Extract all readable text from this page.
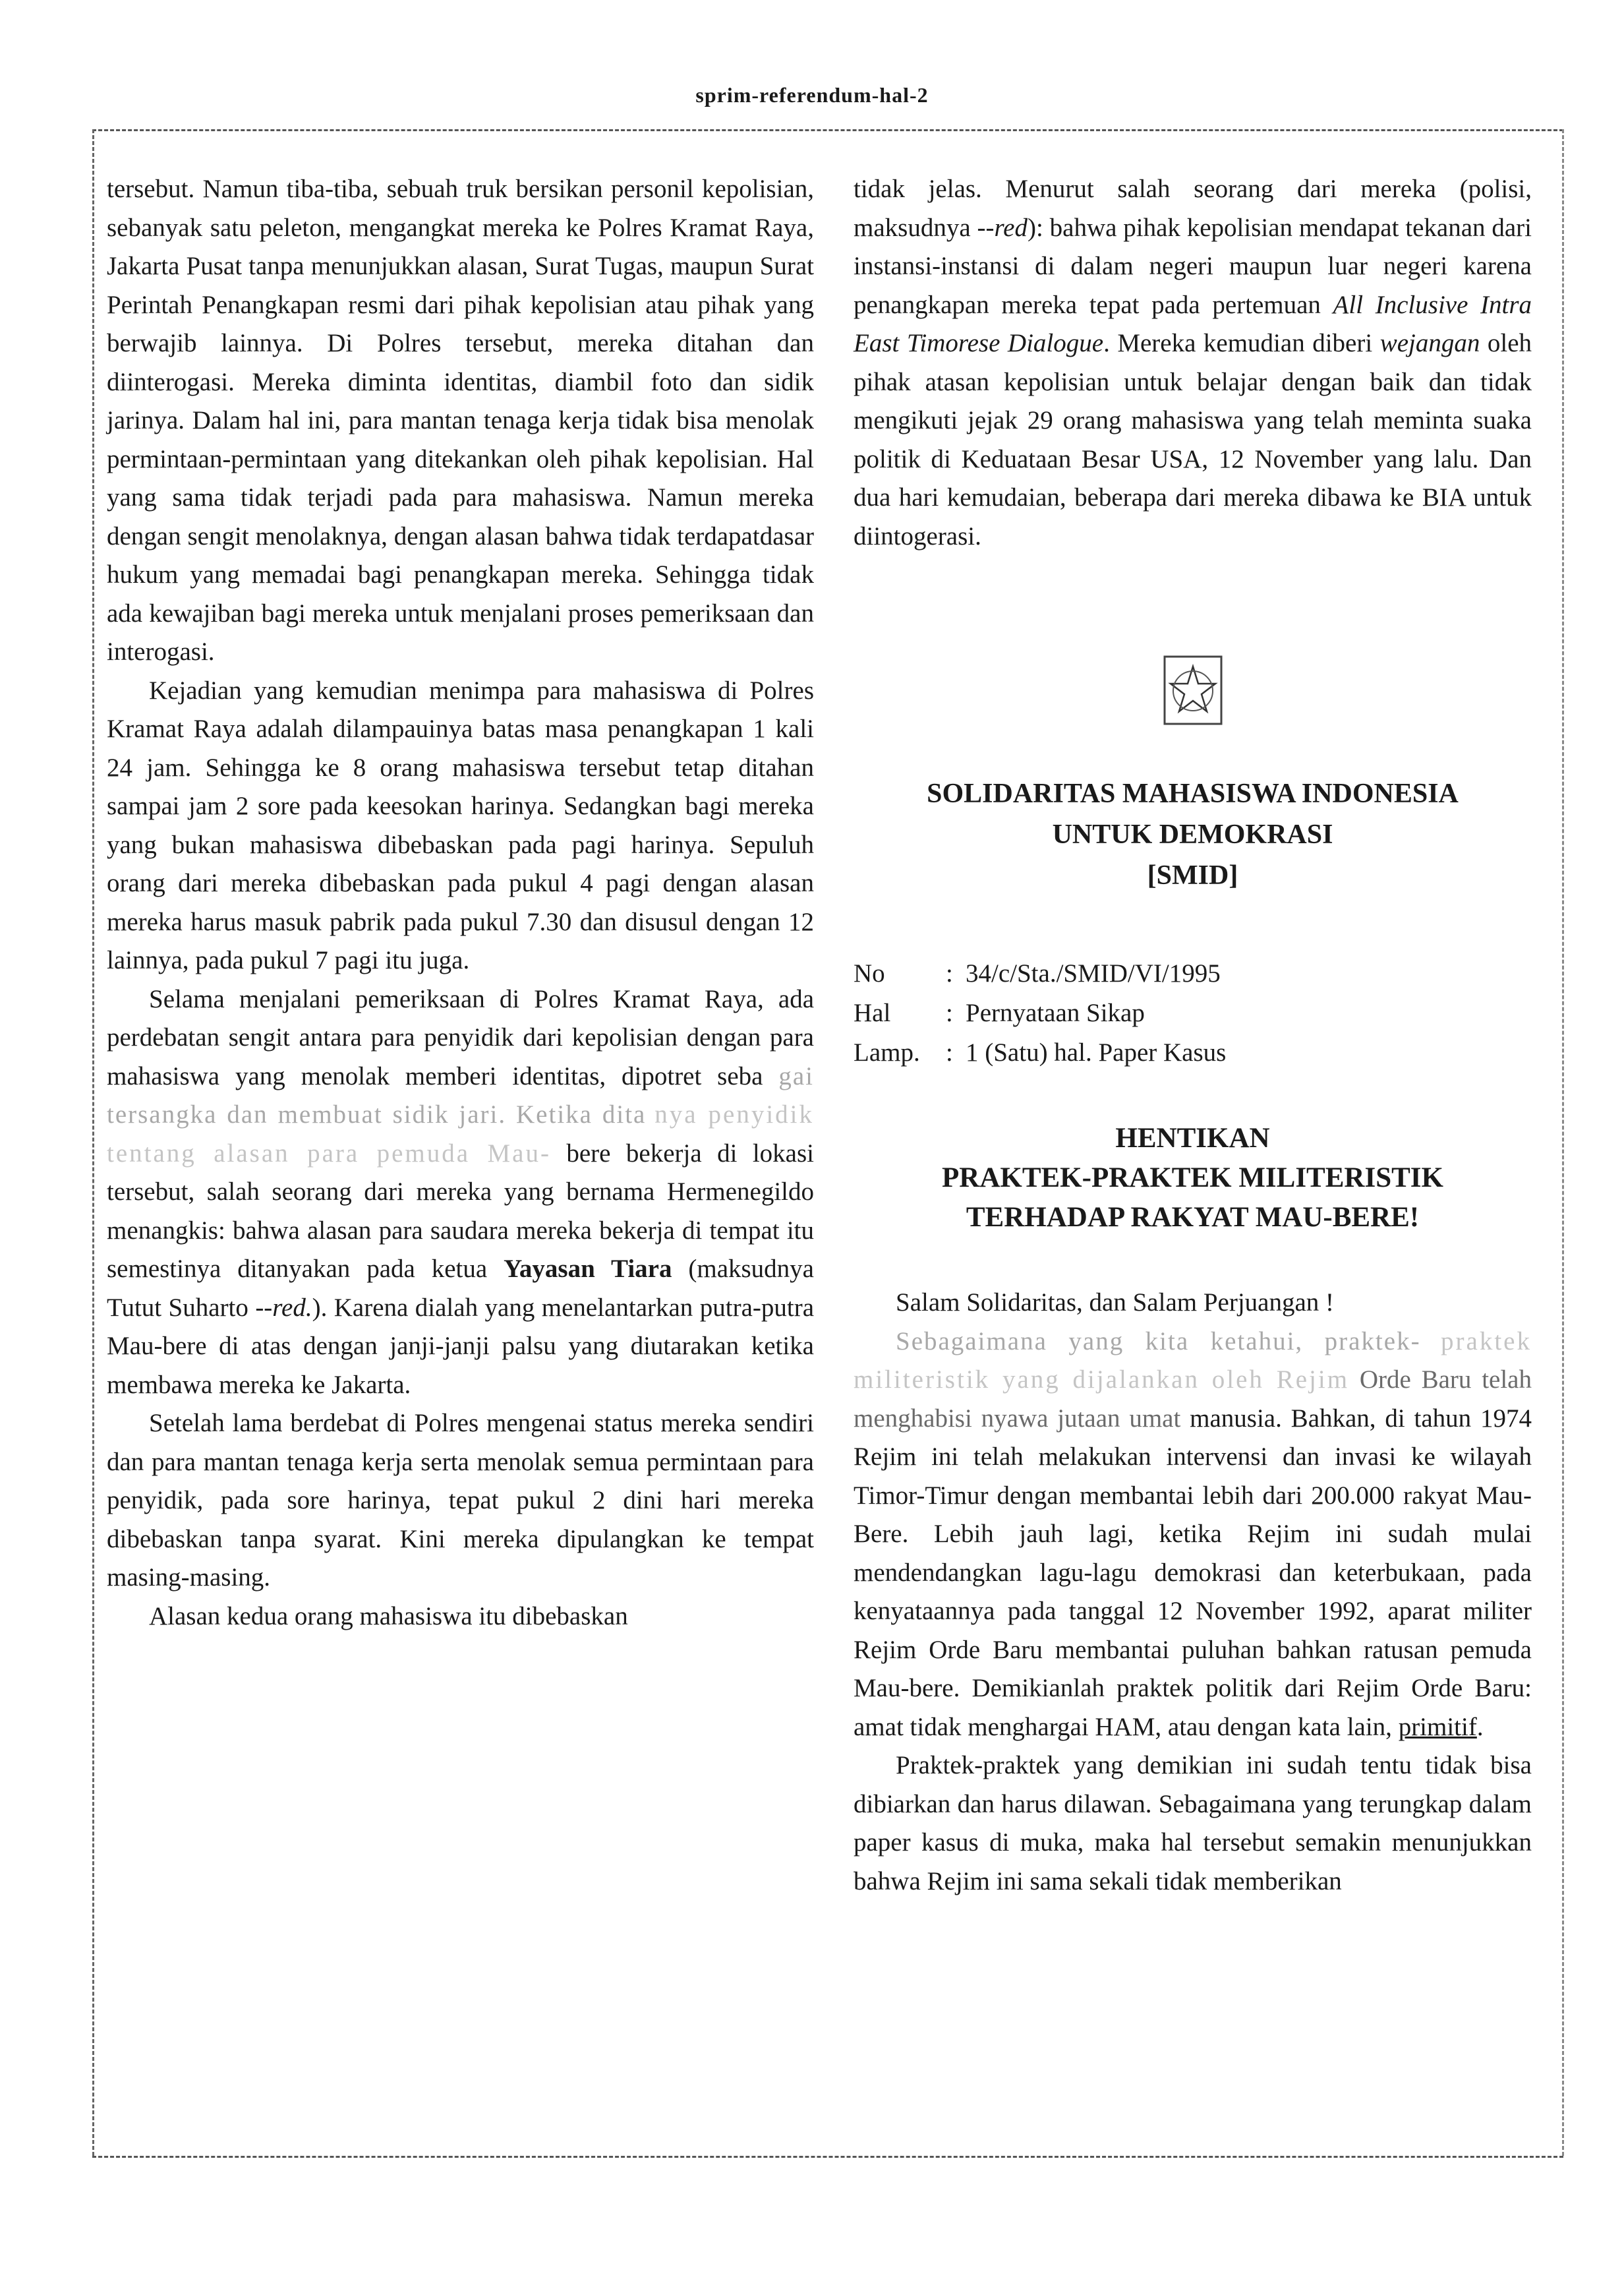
sprim-referendum-hal-2

tersebut. Namun tiba-tiba, sebuah truk bersikan personil kepolisian, sebanyak satu peleton, mengangkat mereka ke Polres Kramat Raya, Jakarta Pusat tanpa menunjukkan alasan, Surat Tugas, maupun Surat Perintah Penangkapan resmi dari pihak kepolisian atau pihak yang berwajib lainnya. Di Polres tersebut, mereka ditahan dan diinterogasi. Mereka diminta identitas, diambil foto dan sidik jarinya. Dalam hal ini, para mantan tenaga kerja tidak bisa menolak permintaan-permintaan yang ditekankan oleh pihak kepolisian. Hal yang sama tidak terjadi pada para mahasiswa. Namun mereka dengan sengit menolaknya, dengan alasan bahwa tidak terdapatdasar hukum yang memadai bagi penangkapan mereka. Sehingga tidak ada kewajiban bagi mereka untuk menjalani proses pemeriksaan dan interogasi.

Kejadian yang kemudian menimpa para mahasiswa di Polres Kramat Raya adalah dilampauinya batas masa penangkapan 1 kali 24 jam. Sehingga ke 8 orang mahasiswa tersebut tetap ditahan sampai jam 2 sore pada keesokan harinya. Sedangkan bagi mereka yang bukan mahasiswa dibebaskan pada pagi harinya. Sepuluh orang dari mereka dibebaskan pada pukul 4 pagi dengan alasan mereka harus masuk pabrik pada pukul 7.30 dan disusul dengan 12 lainnya, pada pukul 7 pagi itu juga.

Selama menjalani pemeriksaan di Polres Kramat Raya, ada perdebatan sengit antara para penyidik dari kepolisian dengan para mahasiswa yang menolak memberi identitas, dipotret seba gai tersangka dan membuat sidik jari. Ketika dita nya penyidik tentang alasan para pemuda Mau- bere bekerja di lokasi tersebut, salah seorang dari mereka yang bernama Hermenegildo menangkis: bahwa alasan para saudara mereka bekerja di tempat itu semestinya ditanyakan pada ketua Yayasan Tiara (maksudnya Tutut Suharto --red.). Karena dialah yang menelantarkan putra-putra Mau-bere di atas dengan janji-janji palsu yang diutarakan ketika membawa mereka ke Jakarta.

Setelah lama berdebat di Polres mengenai status mereka sendiri dan para mantan tenaga kerja serta menolak semua permintaan para penyidik, pada sore harinya, tepat pukul 2 dini hari mereka dibebaskan tanpa syarat. Kini mereka dipulangkan ke tempat masing-masing.

Alasan kedua orang mahasiswa itu dibebaskan

tidak jelas. Menurut salah seorang dari mereka (polisi, maksudnya --red): bahwa pihak kepolisian mendapat tekanan dari instansi-instansi di dalam negeri maupun luar negeri karena penangkapan mereka tepat pada pertemuan All Inclusive Intra East Timorese Dialogue. Mereka kemudian diberi wejangan oleh pihak atasan kepolisian untuk belajar dengan baik dan tidak mengikuti jejak 29 orang mahasiswa yang telah meminta suaka politik di Keduataan Besar USA, 12 November yang lalu. Dan dua hari kemudaian, beberapa dari mereka dibawa ke BIA untuk diintogerasi.

SOLIDARITAS MAHASISWA INDONESIA
UNTUK DEMOKRASI
[SMID]

No	: 34/c/Sta./SMID/VI/1995
Hal	: Pernyataan Sikap
Lamp.	: 1 (Satu) hal. Paper Kasus

HENTIKAN
PRAKTEK-PRAKTEK MILITERISTIK
TERHADAP RAKYAT MAU-BERE!

Salam Solidaritas, dan Salam Perjuangan !

Sebagaimana yang kita ketahui, praktek- praktek militeristik yang dijalankan oleh Rejim Orde Baru telah menghabisi nyawa jutaan umat manusia. Bahkan, di tahun 1974 Rejim ini telah melakukan intervensi dan invasi ke wilayah Timor-Timur dengan membantai lebih dari 200.000 rakyat Mau-Bere. Lebih jauh lagi, ketika Rejim ini sudah mulai mendendangkan lagu-lagu demokrasi dan keterbukaan, pada kenyataannya pada tanggal 12 November 1992, aparat militer Rejim Orde Baru membantai puluhan bahkan ratusan pemuda Mau-bere. Demikianlah praktek politik dari Rejim Orde Baru: amat tidak menghargai HAM, atau dengan kata lain, primitif.

Praktek-praktek yang demikian ini sudah tentu tidak bisa dibiarkan dan harus dilawan. Sebagaimana yang terungkap dalam paper kasus di muka, maka hal tersebut semakin menunjukkan bahwa Rejim ini sama sekali tidak memberikan
